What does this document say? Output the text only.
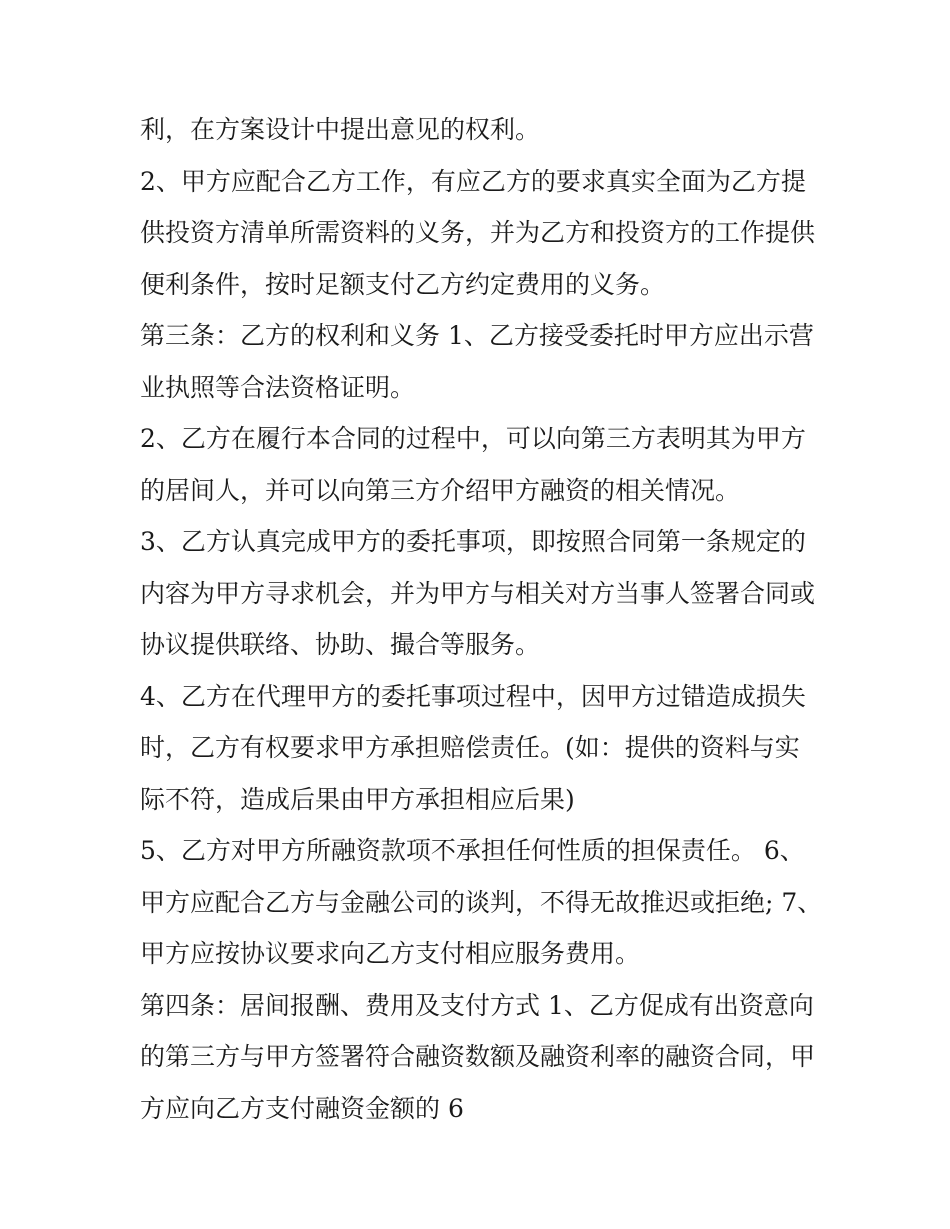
利，在方案设计中提出意见的权利。
2、甲方应配合乙方工作，有应乙方的要求真实全面为乙方提
供投资方清单所需资料的义务，并为乙方和投资方的工作提供
便利条件，按时足额支付乙方约定费用的义务。
第三条：乙方的权利和义务 1、乙方接受委托时甲方应出示营
业执照等合法资格证明。
2、乙方在履行本合同的过程中，可以向第三方表明其为甲方
的居间人，并可以向第三方介绍甲方融资的相关情况。
3、乙方认真完成甲方的委托事项，即按照合同第一条规定的
内容为甲方寻求机会，并为甲方与相关对方当事人签署合同或
协议提供联络、协助、撮合等服务。
4、乙方在代理甲方的委托事项过程中，因甲方过错造成损失
时，乙方有权要求甲方承担赔偿责任。(如：提供的资料与实
际不符，造成后果由甲方承担相应后果)
5、乙方对甲方所融资款项不承担任何性质的担保责任。 6、
甲方应配合乙方与金融公司的谈判，不得无故推迟或拒绝; 7、
甲方应按协议要求向乙方支付相应服务费用。
第四条：居间报酬、费用及支付方式 1、乙方促成有出资意向
的第三方与甲方签署符合融资数额及融资利率的融资合同，甲
方应向乙方支付融资金额的 6
